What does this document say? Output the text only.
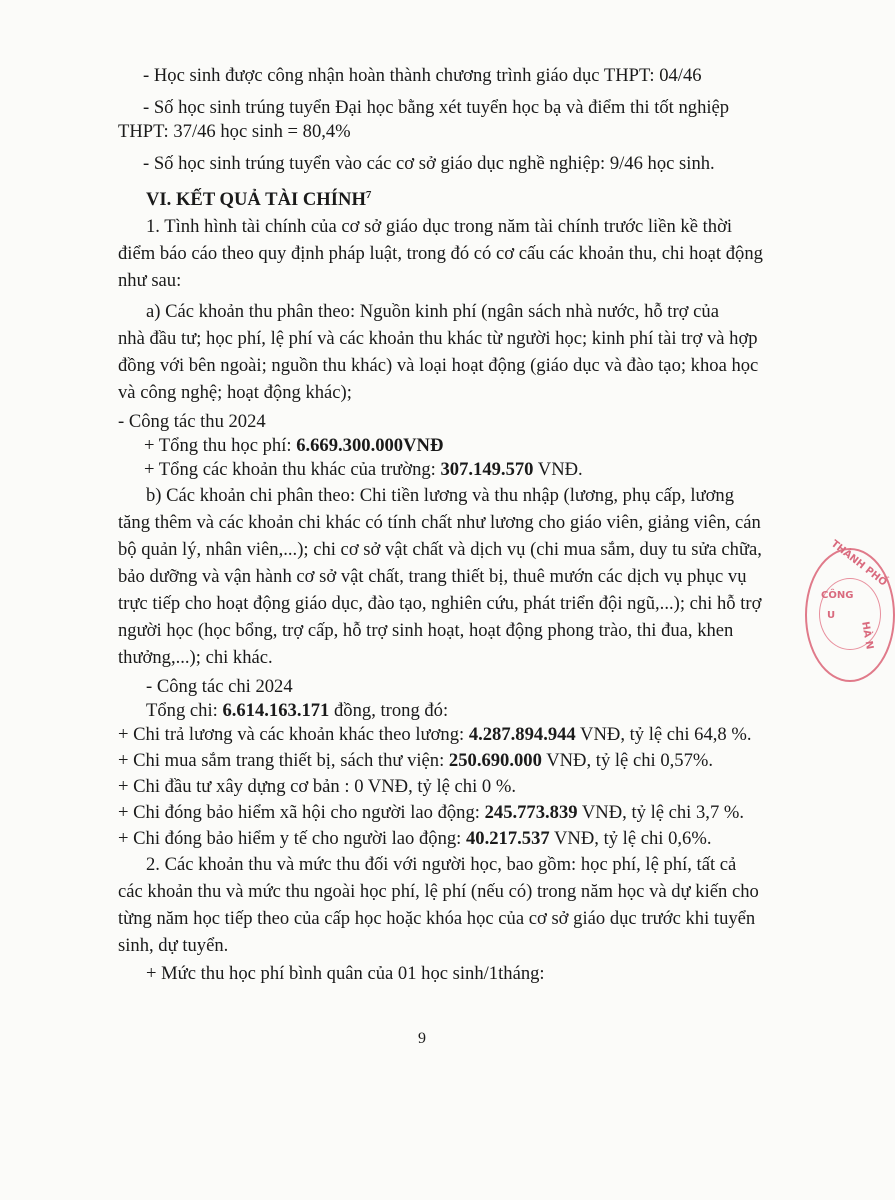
- Học sinh được công nhận hoàn thành chương trình giáo dục THPT: 04/46

- Số học sinh trúng tuyển Đại học bằng xét tuyển học bạ và điểm thi tốt nghiệp

THPT: 37/46 học sinh = 80,4%

- Số học sinh trúng tuyển vào các cơ sở giáo dục nghề nghiệp: 9/46 học sinh.

VI. KẾT QUẢ TÀI CHÍNH$^7$

1. Tình hình tài chính của cơ sở giáo dục trong năm tài chính trước liền kề thời

điểm báo cáo theo quy định pháp luật, trong đó có cơ cấu các khoản thu, chi hoạt động

như sau:

a) Các khoản thu phân theo: Nguồn kinh phí (ngân sách nhà nước, hỗ trợ của

nhà đầu tư; học phí, lệ phí và các khoản thu khác từ người học; kinh phí tài trợ và hợp

đồng với bên ngoài; nguồn thu khác) và loại hoạt động (giáo dục và đào tạo; khoa học

và công nghệ; hoạt động khác);

- Công tác thu 2024

+ Tổng thu học phí: 6.669.300.000VNĐ

+ Tổng các khoản thu khác của trường: 307.149.570 VNĐ.

b) Các khoản chi phân theo: Chi tiền lương và thu nhập (lương, phụ cấp, lương

tăng thêm và các khoản chi khác có tính chất như lương cho giáo viên, giảng viên, cán

bộ quản lý, nhân viên,...); chi cơ sở vật chất và dịch vụ (chi mua sắm, duy tu sửa chữa,

bảo dưỡng và vận hành cơ sở vật chất, trang thiết bị, thuê mướn các dịch vụ phục vụ

trực tiếp cho hoạt động giáo dục, đào tạo, nghiên cứu, phát triển đội ngũ,...); chi hỗ trợ

người học (học bổng, trợ cấp, hỗ trợ sinh hoạt, hoạt động phong trào, thi đua, khen

thưởng,...); chi khác.

- Công tác chi 2024

Tổng chi: 6.614.163.171 đồng, trong đó:

+ Chi trả lương và các khoản khác theo lương: 4.287.894.944 VNĐ, tỷ lệ chi 64,8 %.

+ Chi mua sắm trang thiết bị, sách thư viện: 250.690.000 VNĐ, tỷ lệ chi 0,57%.

+ Chi đầu tư xây dựng cơ bản : 0 VNĐ, tỷ lệ chi 0 %.

+ Chi đóng bảo hiểm xã hội cho người lao động: 245.773.839 VNĐ, tỷ lệ chi 3,7 %.

+ Chi đóng bảo hiểm y tế cho người lao động: 40.217.537 VNĐ, tỷ lệ chi 0,6%.

2. Các khoản thu và mức thu đối với người học, bao gồm: học phí, lệ phí, tất cả

các khoản thu và mức thu ngoài học phí, lệ phí (nếu có) trong năm học và dự kiến cho

từng năm học tiếp theo của cấp học hoặc khóa học của cơ sở giáo dục trước khi tuyển

sinh, dự tuyển.

+ Mức thu học phí bình quân của 01 học sinh/1tháng:

9
THÀNH PHỐ
CÔNG
U
HÀ N
